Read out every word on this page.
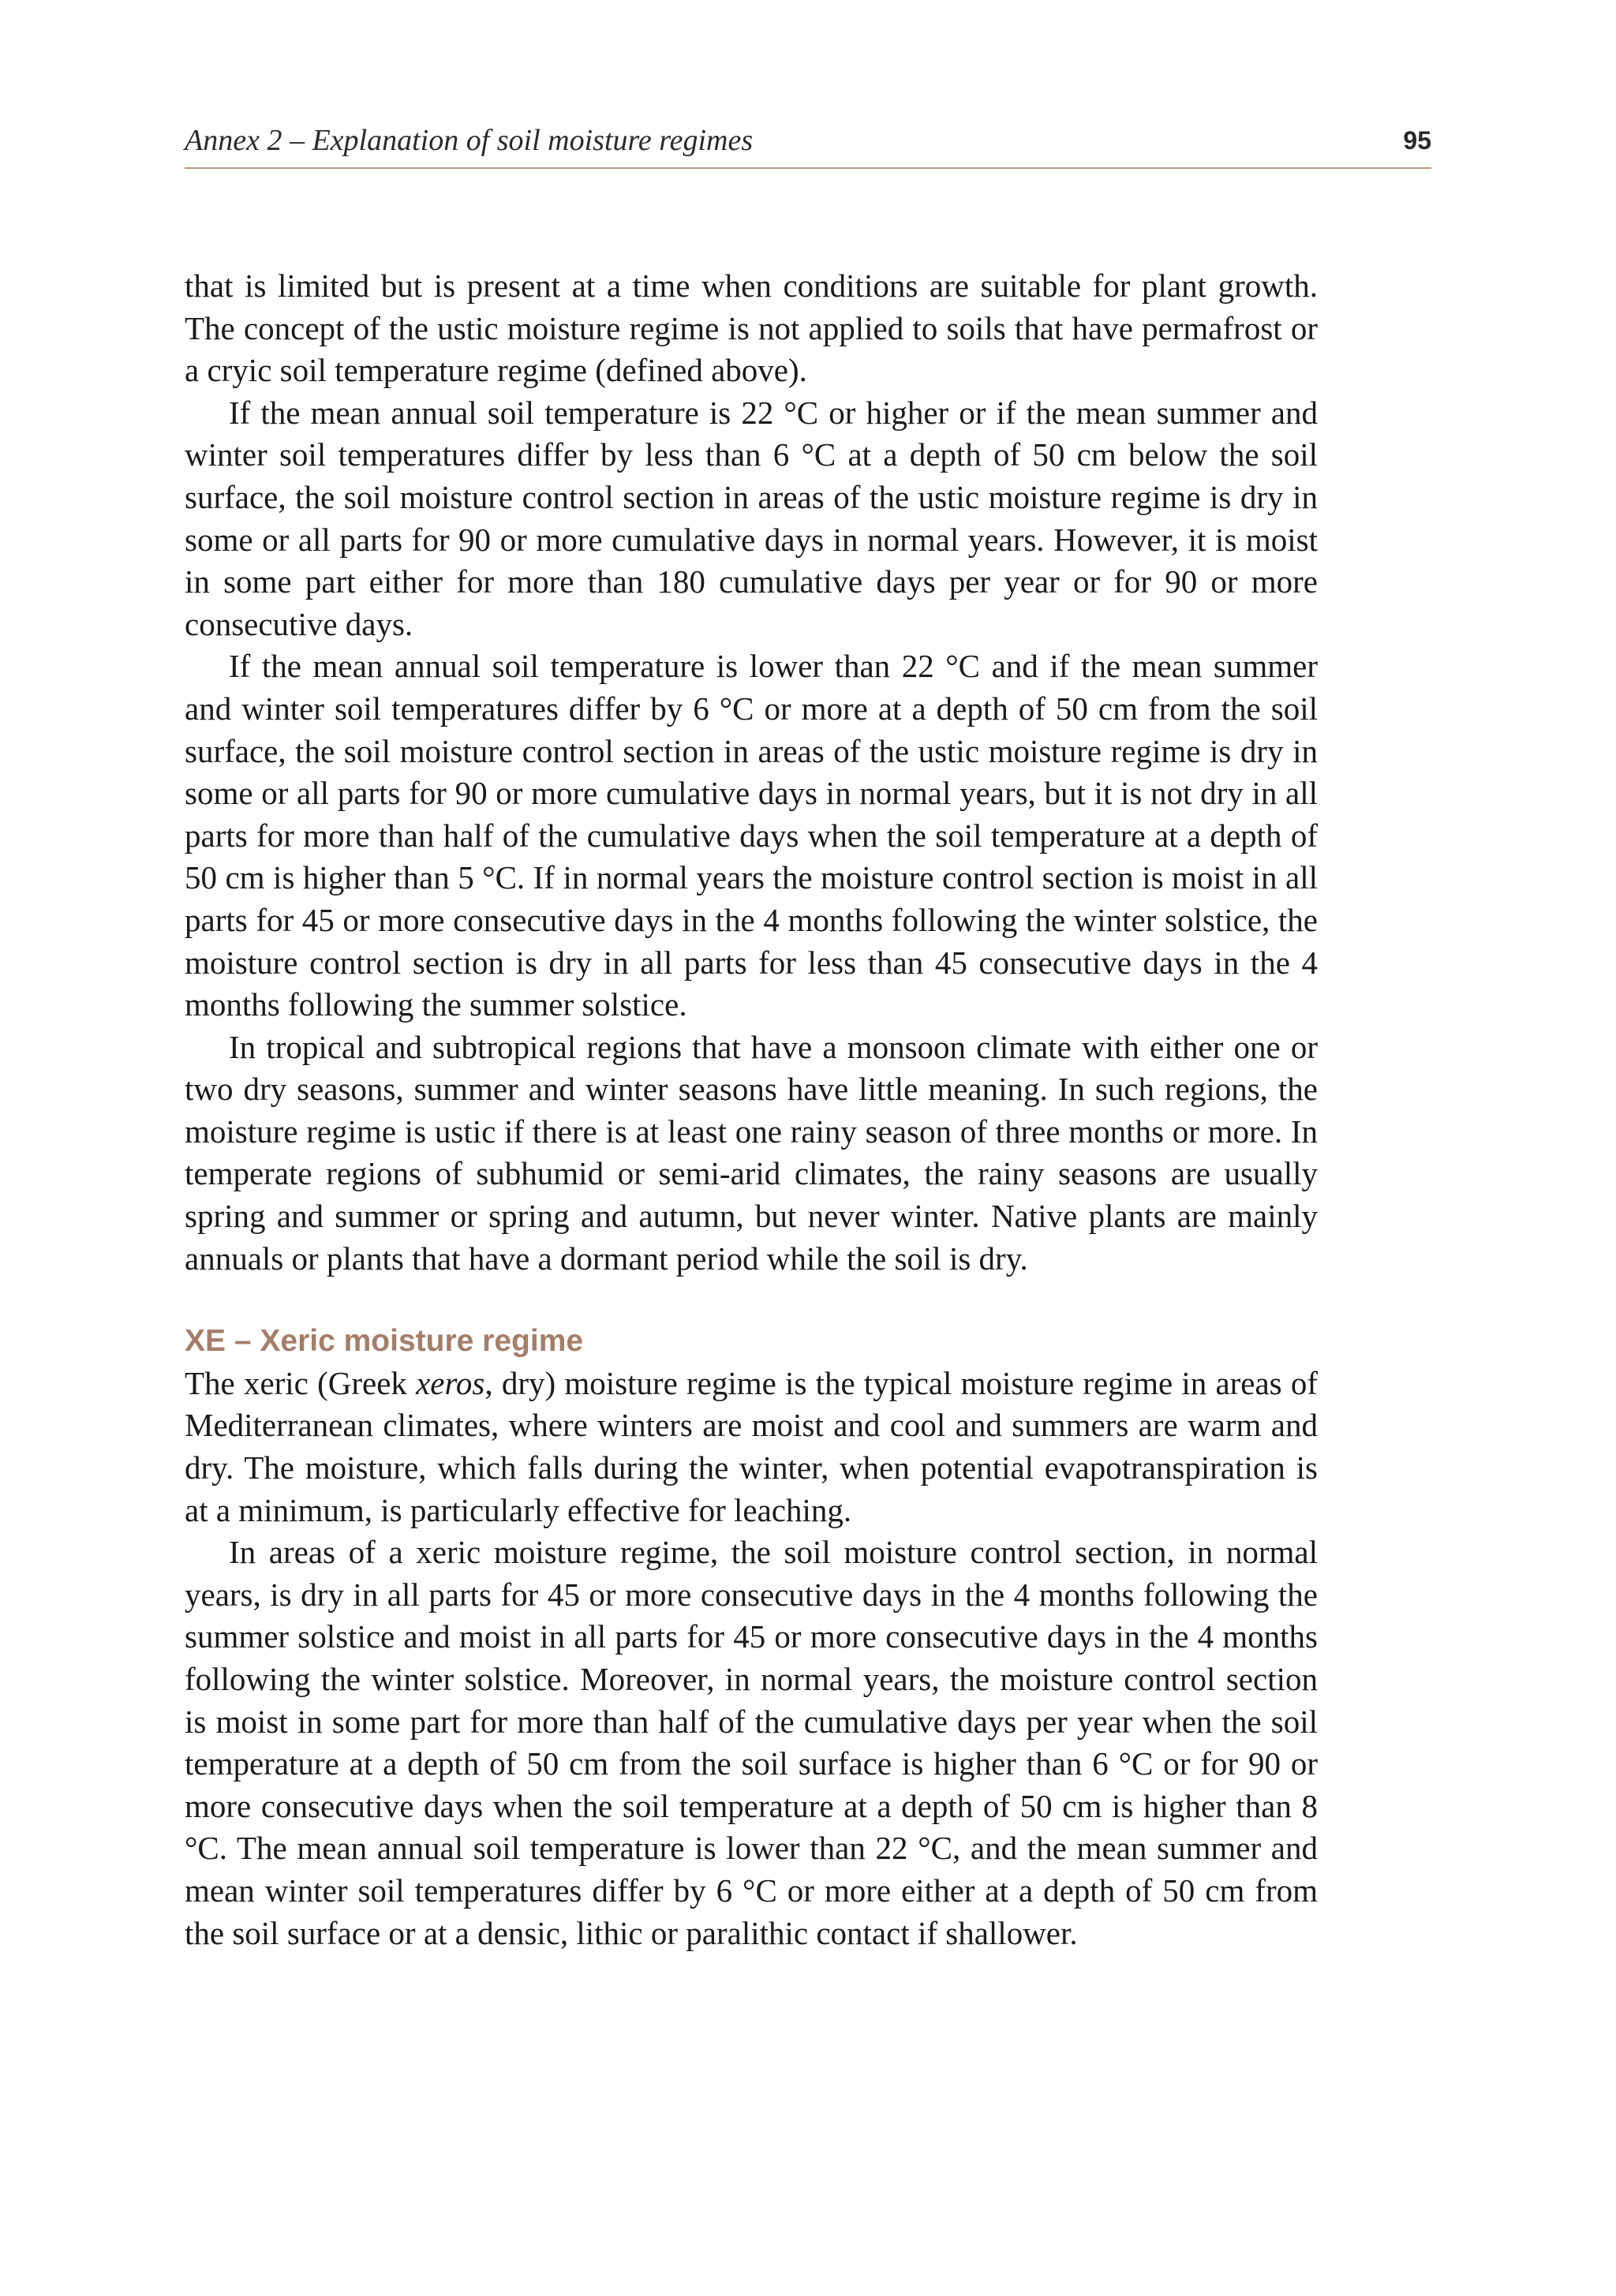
Annex 2 – Explanation of soil moisture regimes	95

that is limited but is present at a time when conditions are suitable for plant growth. The concept of the ustic moisture regime is not applied to soils that have permafrost or a cryic soil temperature regime (defined above).

If the mean annual soil temperature is 22 °C or higher or if the mean summer and winter soil temperatures differ by less than 6 °C at a depth of 50 cm below the soil surface, the soil moisture control section in areas of the ustic moisture regime is dry in some or all parts for 90 or more cumulative days in normal years. However, it is moist in some part either for more than 180 cumulative days per year or for 90 or more consecutive days.

If the mean annual soil temperature is lower than 22 °C and if the mean summer and winter soil temperatures differ by 6 °C or more at a depth of 50 cm from the soil surface, the soil moisture control section in areas of the ustic moisture regime is dry in some or all parts for 90 or more cumulative days in normal years, but it is not dry in all parts for more than half of the cumulative days when the soil temperature at a depth of 50 cm is higher than 5 °C. If in normal years the moisture control section is moist in all parts for 45 or more consecutive days in the 4 months following the winter solstice, the moisture control section is dry in all parts for less than 45 consecutive days in the 4 months following the summer solstice.

In tropical and subtropical regions that have a monsoon climate with either one or two dry seasons, summer and winter seasons have little meaning. In such regions, the moisture regime is ustic if there is at least one rainy season of three months or more. In temperate regions of subhumid or semi-arid climates, the rainy seasons are usually spring and summer or spring and autumn, but never winter. Native plants are mainly annuals or plants that have a dormant period while the soil is dry.

XE – Xeric moisture regime

The xeric (Greek xeros, dry) moisture regime is the typical moisture regime in areas of Mediterranean climates, where winters are moist and cool and summers are warm and dry. The moisture, which falls during the winter, when potential evapotranspiration is at a minimum, is particularly effective for leaching.

In areas of a xeric moisture regime, the soil moisture control section, in normal years, is dry in all parts for 45 or more consecutive days in the 4 months following the summer solstice and moist in all parts for 45 or more consecutive days in the 4 months following the winter solstice. Moreover, in normal years, the moisture control section is moist in some part for more than half of the cumulative days per year when the soil temperature at a depth of 50 cm from the soil surface is higher than 6 °C or for 90 or more consecutive days when the soil temperature at a depth of 50 cm is higher than 8 °C. The mean annual soil temperature is lower than 22 °C, and the mean summer and mean winter soil temperatures differ by 6 °C or more either at a depth of 50 cm from the soil surface or at a densic, lithic or paralithic contact if shallower.
